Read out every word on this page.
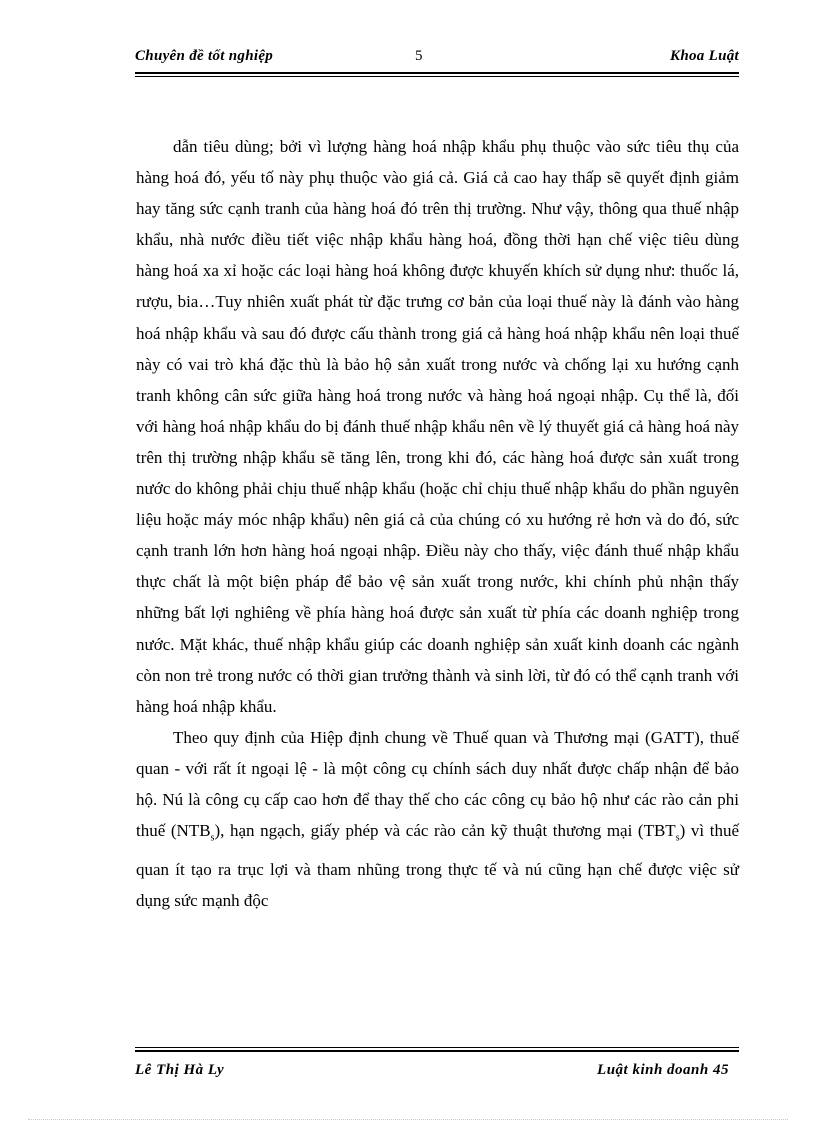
Chuyên đề tốt nghiệp	5	Khoa Luật

dẫn tiêu dùng; bởi vì lượng hàng hoá nhập khẩu phụ thuộc vào sức tiêu thụ của hàng hoá đó, yếu tố này phụ thuộc vào giá cả. Giá cả cao hay thấp sẽ quyết định giảm hay tăng sức cạnh tranh của hàng hoá đó trên thị trường. Như vậy, thông qua thuế nhập khẩu, nhà nước điều tiết việc nhập khẩu hàng hoá, đồng thời hạn chế việc tiêu dùng hàng hoá xa xỉ hoặc các loại hàng hoá không được khuyến khích sử dụng như: thuốc lá, rượu, bia…Tuy nhiên xuất phát từ đặc trưng cơ bản của loại thuế này là đánh vào hàng hoá nhập khẩu và sau đó được cấu thành trong giá cả hàng hoá nhập khẩu nên loại thuế này có vai trò khá đặc thù là bảo hộ sản xuất trong nước và chống lại xu hướng cạnh tranh không cân sức giữa hàng hoá trong nước và hàng hoá ngoại nhập. Cụ thể là, đối với hàng hoá nhập khẩu do bị đánh thuế nhập khẩu nên về lý thuyết giá cả hàng hoá này trên thị trường nhập khẩu sẽ tăng lên, trong khi đó, các hàng hoá được sản xuất trong nước do không phải chịu thuế nhập khẩu (hoặc chỉ chịu thuế nhập khẩu do phần nguyên liệu hoặc máy móc nhập khẩu) nên giá cả của chúng có xu hướng rẻ hơn và do đó, sức cạnh tranh lớn hơn hàng hoá ngoại nhập. Điều này cho thấy, việc đánh thuế nhập khẩu thực chất là một biện pháp để bảo vệ sản xuất trong nước, khi chính phủ nhận thấy những bất lợi nghiêng về phía hàng hoá được sản xuất từ phía các doanh nghiệp trong nước. Mặt khác, thuế nhập khẩu giúp các doanh nghiệp sản xuất kinh doanh các ngành còn non trẻ trong nước có thời gian trưởng thành và sinh lời, từ đó có thể cạnh tranh với hàng hoá nhập khẩu.

Theo quy định của Hiệp định chung về Thuế quan và Thương mại (GATT), thuế quan - với rất ít ngoại lệ - là một công cụ chính sách duy nhất được chấp nhận để bảo hộ. Nú là công cụ cấp cao hơn để thay thế cho các công cụ bảo hộ như các rào cản phi thuế $(NTB_s)$, hạn ngạch, giấy phép và các rào cản kỹ thuật thương mại $(TBT_s)$ vì thuế quan ít tạo ra trục lợi và tham nhũng trong thực tế và nú cũng hạn chế được việc sử dụng sức mạnh độc

Lê Thị Hà Ly	Luật kinh doanh 45
